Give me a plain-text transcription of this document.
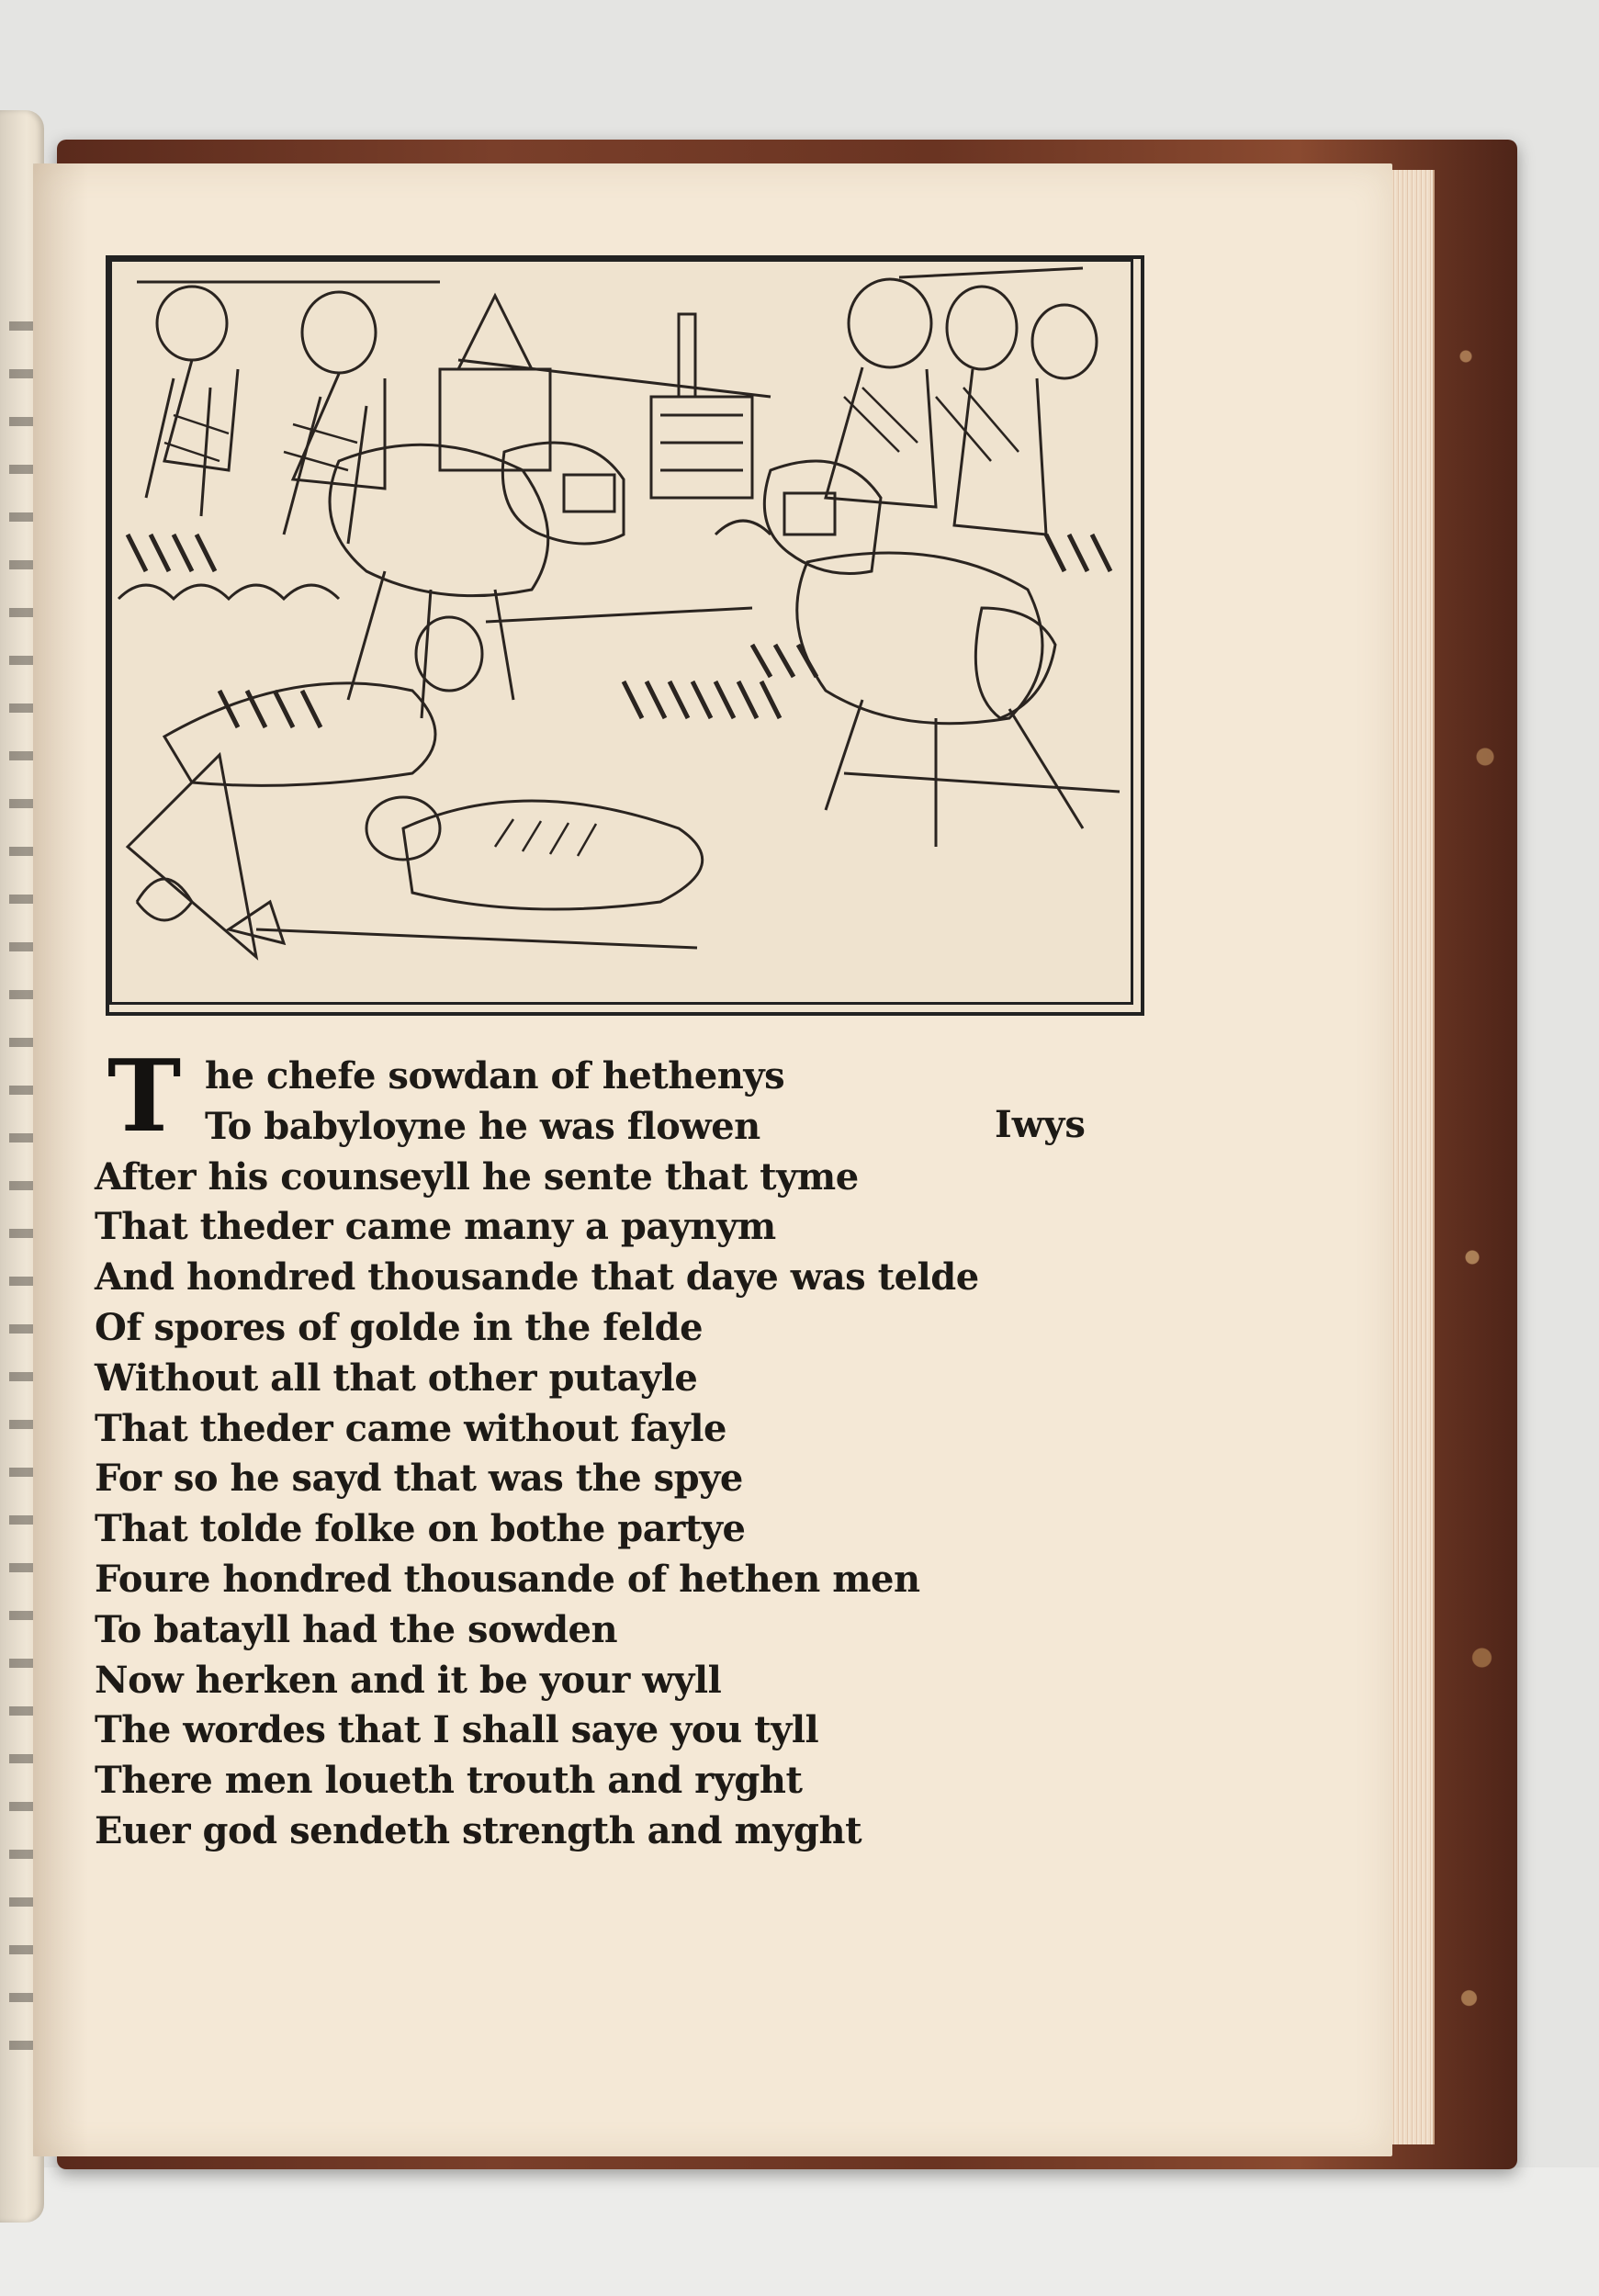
T he chefe sowdan of hethenys
To babyloyne he was flowen	Iwys
After his counseyll he sente that tyme
That theder came many a paynym
And hondred thousande that daye was telde
Of spores of golde in the felde
Without all that other putayle
That theder came without fayle
For so he sayd that was the spye
That tolde folke on bothe partye
Foure hondred thousande of hethen men
To batayll had the sowden
Now herken and it be your wyll
The wordes that I shall saye you tyll
There men loueth trouth and ryght
Euer god sendeth strength and myght
